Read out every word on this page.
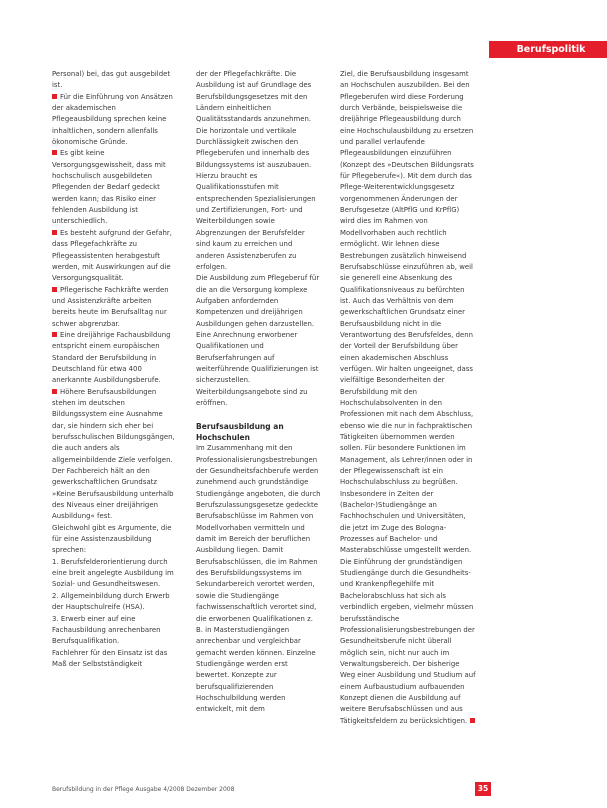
Berufspolitik

Personal) bei, das gut ausgebildet ist.

Für die Einführung von Ansätzen der akademischen Pflegeausbildung sprechen keine inhaltlichen, sondern allenfalls ökonomische Gründe.

Es gibt keine Versorgungsgewissheit, dass mit hochschulisch ausgebildeten Pflegenden der Bedarf gedeckt werden kann; das Risiko einer fehlenden Ausbildung ist unterschiedlich.

Es besteht aufgrund der Gefahr, dass Pflegefachkräfte zu Pflegeassistenten herabgestuft werden, mit Auswirkungen auf die Versorgungsqualität.

Pflegerische Fachkräfte werden und Assistenzkräfte arbeiten bereits heute im Berufsalltag nur schwer abgrenzbar.

Eine dreijährige Fachausbildung entspricht einem europäischen Standard der Berufsbildung in Deutschland für etwa 400 anerkannte Ausbildungsberufe.

Höhere Berufsausbildungen stehen im deutschen Bildungssystem eine Ausnahme dar, sie hindern sich eher bei berufsschulischen Bildungsgängen, die auch anders als allgemeinbildende Ziele verfolgen.

Der Fachbereich hält an den gewerkschaftlichen Grundsatz »Keine Berufsausbildung unterhalb des Niveaus einer dreijährigen Ausbildung« fest.

Gleichwohl gibt es Argumente, die für eine Assistenzausbildung sprechen:

1. Berufsfelderorientierung durch eine breit angelegte Ausbildung im Sozial- und Gesundheitswesen.

2. Allgemeinbildung durch Erwerb der Hauptschulreife (HSA).

3. Erwerb einer auf eine Fachausbildung anrechenbaren Berufsqualifikation.

Fachlehrer für den Einsatz ist das Maß der Selbstständigkeit

der der Pflegefachkräfte. Die Ausbildung ist auf Grundlage des Berufsbildungsgesetzes mit den Ländern einheitlichen Qualitätsstandards anzunehmen.

Die horizontale und vertikale Durchlässigkeit zwischen den Pflegeberufen und innerhalb des Bildungssystems ist auszubauen. Hierzu braucht es Qualifikationsstufen mit entsprechenden Spezialisierungen und Zertifizierungen, Fort- und Weiterbildungen sowie Abgrenzungen der Berufsfelder sind kaum zu erreichen und anderen Assistenzberufen zu erfolgen.

Die Ausbildung zum Pflegeberuf für die an die Versorgung komplexe Aufgaben anfordernden Kompetenzen und dreijährigen Ausbildungen gehen darzustellen.

Eine Anrechnung erworbener Qualifikationen und Berufserfahrungen auf weiterführende Qualifizierungen ist sicherzustellen. Weiterbildungsangebote sind zu eröffnen.

Berufsausbildung an Hochschulen

Im Zusammenhang mit den Professionalisierungsbestrebungen der Gesundheitsfachberufe werden zunehmend auch grundständige Studiengänge angeboten, die durch Berufszulassungsgesetze gedeckte Berufsabschlüsse im Rahmen von Modellvorhaben vermitteln und damit im Bereich der beruflichen Ausbildung liegen. Damit Berufsabschlüssen, die im Rahmen des Berufsbildungssystems im Sekundarbereich verortet werden, sowie die Studiengänge fachwissenschaftlich verortet sind, die erworbenen Qualifikationen z. B. in Masterstudiengängen anrechenbar und vergleichbar gemacht werden können. Einzelne Studiengänge werden erst bewertet. Konzepte zur berufsqualifizierenden Hochschulbildung werden entwickelt, mit dem

Ziel, die Berufsausbildung insgesamt an Hochschulen auszubilden. Bei den Pflegeberufen wird diese Forderung durch Verbände, beispielsweise die dreijährige Pflegeausbildung durch eine Hochschulausbildung zu ersetzen und parallel verlaufende Pflegeausbildungen einzuführen (Konzept des »Deutschen Bildungsrats für Pflegeberufe«). Mit dem durch das Pflege-Weiterentwicklungsgesetz vorgenommenen Änderungen der Berufsgesetze (AltPflG und KrPflG) wird dies im Rahmen von Modellvorhaben auch rechtlich ermöglicht. Wir lehnen diese Bestrebungen zusätzlich hinweisend Berufsabschlüsse einzuführen ab, weil sie generell eine Absenkung des Qualifikationsniveaus zu befürchten ist. Auch das Verhältnis von dem gewerkschaftlichen Grundsatz einer Berufsausbildung nicht in die Verantwortung des Berufsfeldes, denn der Vorteil der Berufsbildung über einen akademischen Abschluss verfügen. Wir halten ungeeignet, dass vielfältige Besonderheiten der Berufsbildung mit den Hochschulabsolventen in den Professionen mit nach dem Abschluss, ebenso wie die nur in fachpraktischen Tätigkeiten übernommen werden sollen. Für besondere Funktionen im Management, als Lehrer/innen oder in der Pflegewissenschaft ist ein Hochschulabschluss zu begrüßen. Insbesondere in Zeiten der (Bachelor-)Studiengänge an Fachhochschulen und Universitäten, die jetzt im Zuge des Bologna-Prozesses auf Bachelor- und Masterabschlüsse umgestellt werden.

Die Einführung der grundständigen Studiengänge durch die Gesundheits- und Krankenpflegehilfe mit Bachelorabschluss hat sich als verbindlich ergeben, vielmehr müssen berufsständische Professionalisierungsbestrebungen der Gesundheitsberufe nicht überall möglich sein, nicht nur auch im Verwaltungsbereich. Der bisherige Weg einer Ausbildung und Studium auf einem Aufbaustudium aufbauenden Konzept dienen die Ausbildung auf weitere Berufsabschlüssen und aus Tätigkeitsfeldern zu berücksichtigen.

Berufsbildung in der Pflege Ausgabe 4/2008 Dezember 2008	35
